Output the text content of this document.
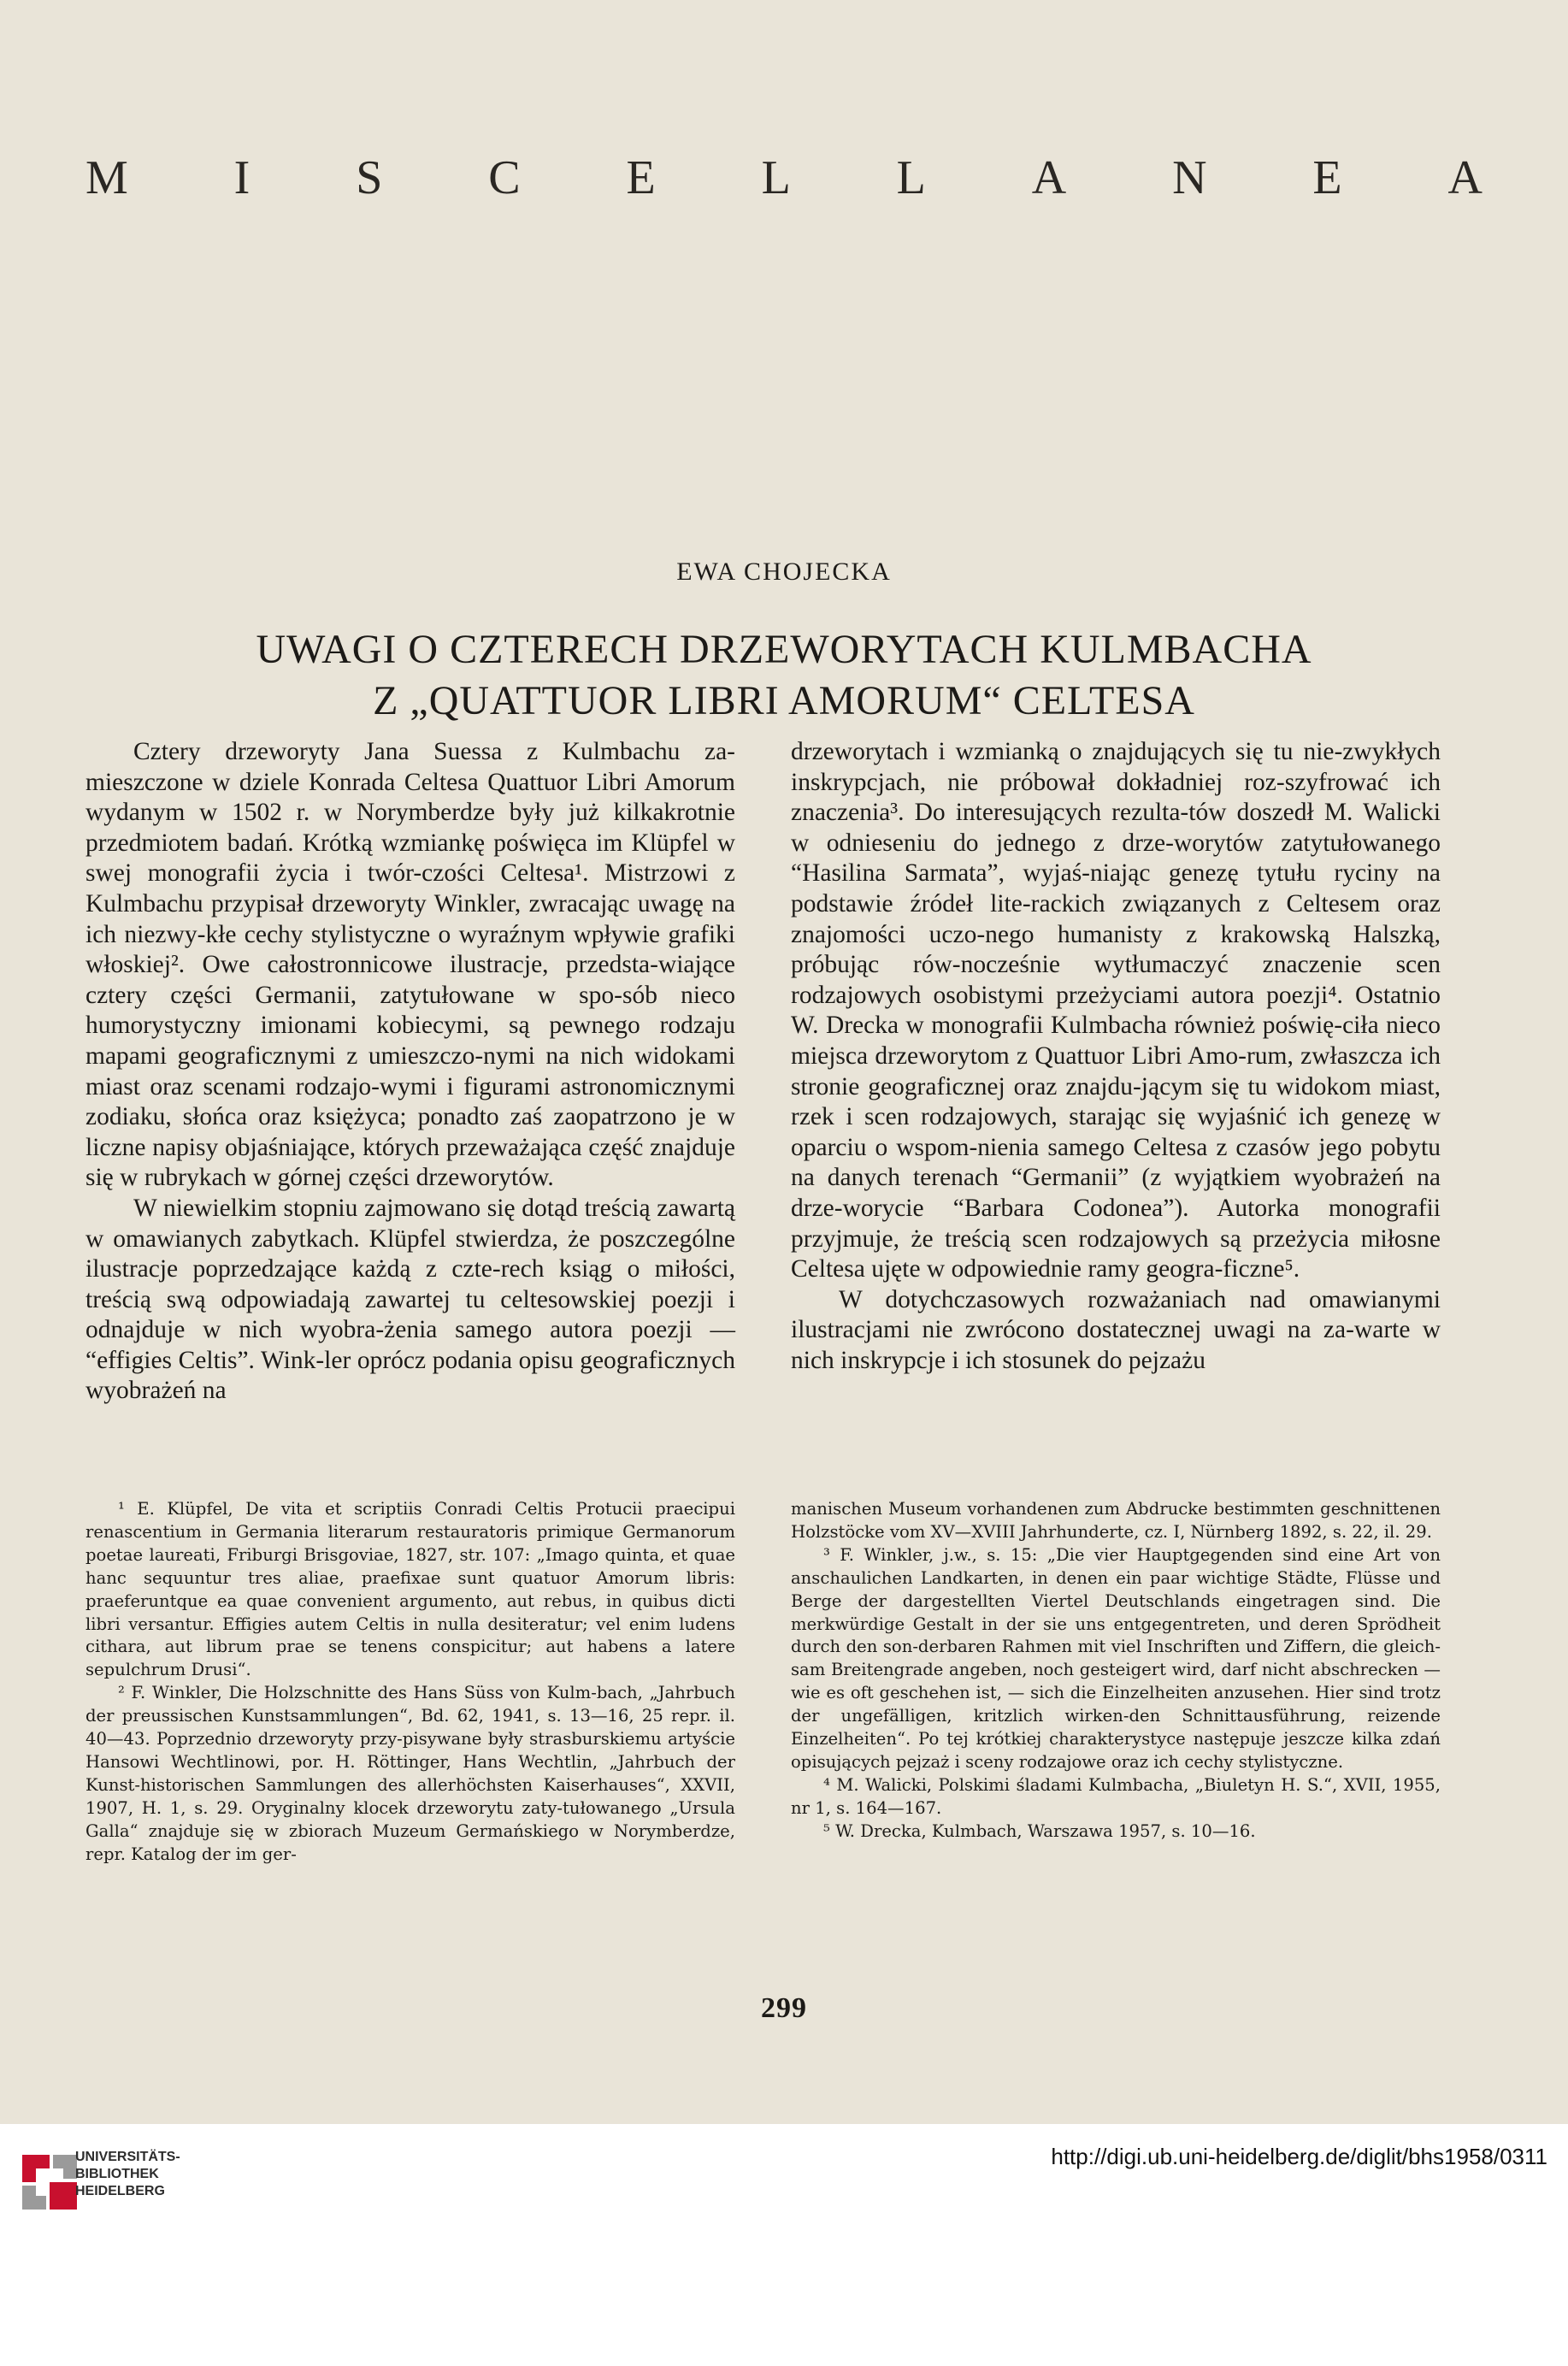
M I S C E L L A N E A
EWA CHOJECKA
UWAGI O CZTERECH DRZEWORYTACH KULMBACHA
Z „QUATTUOR LIBRI AMORUM“ CELTESA

Cztery drzeworyty Jana Suessa z Kulmbachu za-mieszczone w dziele Konrada Celtesa Quattuor Libri Amorum wydanym w 1502 r. w Norymberdze były już kilkakrotnie przedmiotem badań. Krótką wzmiankę poświęca im Klüpfel w swej monografii życia i twór-czości Celtesa¹. Mistrzowi z Kulmbachu przypisał drzeworyty Winkler, zwracając uwagę na ich niezwy-kłe cechy stylistyczne o wyraźnym wpływie grafiki włoskiej². Owe całostronnicowe ilustracje, przedsta-wiające cztery części Germanii, zatytułowane w spo-sób nieco humorystyczny imionami kobiecymi, są pewnego rodzaju mapami geograficznymi z umieszczo-nymi na nich widokami miast oraz scenami rodzajo-wymi i figurami astronomicznymi zodiaku, słońca oraz księżyca; ponadto zaś zaopatrzono je w liczne napisy objaśniające, których przeważająca część znajduje się w rubrykach w górnej części drzeworytów.

W niewielkim stopniu zajmowano się dotąd treścią zawartą w omawianych zabytkach. Klüpfel stwierdza, że poszczególne ilustracje poprzedzające każdą z czte-rech ksiąg o miłości, treścią swą odpowiadają zawartej tu celtesowskiej poezji i odnajduje w nich wyobra-żenia samego autora poezji — “effigies Celtis”. Wink-ler oprócz podania opisu geograficznych wyobrażeń na

drzeworytach i wzmianką o znajdujących się tu nie-zwykłych inskrypcjach, nie próbował dokładniej roz-szyfrować ich znaczenia³. Do interesujących rezulta-tów doszedł M. Walicki w odnieseniu do jednego z drze-worytów zatytułowanego “Hasilina Sarmata”, wyjaś-niając genezę tytułu ryciny na podstawie źródeł lite-rackich związanych z Celtesem oraz znajomości uczo-nego humanisty z krakowską Halszką, próbując rów-nocześnie wytłumaczyć znaczenie scen rodzajowych osobistymi przeżyciami autora poezji⁴. Ostatnio W. Drecka w monografii Kulmbacha również poświę-ciła nieco miejsca drzeworytom z Quattuor Libri Amo-rum, zwłaszcza ich stronie geograficznej oraz znajdu-jącym się tu widokom miast, rzek i scen rodzajowych, starając się wyjaśnić ich genezę w oparciu o wspom-nienia samego Celtesa z czasów jego pobytu na danych terenach “Germanii” (z wyjątkiem wyobrażeń na drze-worycie “Barbara Codonea”). Autorka monografii przyjmuje, że treścią scen rodzajowych są przeżycia miłosne Celtesa ujęte w odpowiednie ramy geogra-ficzne⁵.

W dotychczasowych rozważaniach nad omawianymi ilustracjami nie zwrócono dostatecznej uwagi na za-warte w nich inskrypcje i ich stosunek do pejzażu

¹ E. Klüpfel, De vita et scriptiis Conradi Celtis Protucii praecipui renascentium in Germania literarum restauratoris primique Germanorum poetae laureati, Friburgi Brisgoviae, 1827, str. 107: „Imago quinta, et quae hanc sequuntur tres aliae, praefixae sunt quatuor Amorum libris: praeferuntque ea quae convenient argumento, aut rebus, in quibus dicti libri versantur. Effigies autem Celtis in nulla desiteratur; vel enim ludens cithara, aut librum prae se tenens conspicitur; aut habens a latere sepulchrum Drusi“.

² F. Winkler, Die Holzschnitte des Hans Süss von Kulm-bach, „Jahrbuch der preussischen Kunstsammlungen“, Bd. 62, 1941, s. 13—16, 25 repr. il. 40—43. Poprzednio drzeworyty przy-pisywane były strasburskiemu artyście Hansowi Wechtlinowi, por. H. Röttinger, Hans Wechtlin, „Jahrbuch der Kunst-historischen Sammlungen des allerhöchsten Kaiserhauses“, XXVII, 1907, H. 1, s. 29. Oryginalny klocek drzeworytu zaty-tułowanego „Ursula Galla“ znajduje się w zbiorach Muzeum Germańskiego w Norymberdze, repr. Katalog der im ger-

manischen Museum vorhandenen zum Abdrucke bestimmten geschnittenen Holzstöcke vom XV—XVIII Jahrhunderte, cz. I, Nürnberg 1892, s. 22, il. 29.

³ F. Winkler, j.w., s. 15: „Die vier Hauptgegenden sind eine Art von anschaulichen Landkarten, in denen ein paar wichtige Städte, Flüsse und Berge der dargestellten Viertel Deutschlands eingetragen sind. Die merkwürdige Gestalt in der sie uns entgegentreten, und deren Sprödheit durch den son-derbaren Rahmen mit viel Inschriften und Ziffern, die gleich-sam Breitengrade angeben, noch gesteigert wird, darf nicht abschrecken — wie es oft geschehen ist, — sich die Einzelheiten anzusehen. Hier sind trotz der ungefälligen, kritzlich wirken-den Schnittausführung, reizende Einzelheiten“. Po tej krótkiej charakterystyce następuje jeszcze kilka zdań opisujących pejzaż i sceny rodzajowe oraz ich cechy stylistyczne.

⁴ M. Walicki, Polskimi śladami Kulmbacha, „Biuletyn H. S.“, XVII, 1955, nr 1, s. 164—167.

⁵ W. Drecka, Kulmbach, Warszawa 1957, s. 10—16.

299
UNIVERSITÄTS-
BIBLIOTHEK
HEIDELBERG
http://digi.ub.uni-heidelberg.de/diglit/bhs1958/0311
